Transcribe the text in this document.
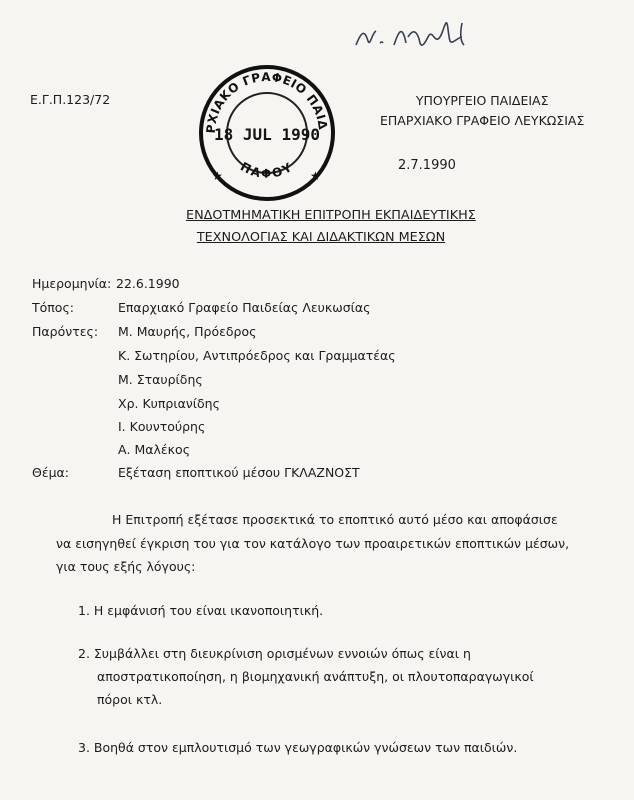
Ε.Γ.Π.123/72
ΡΧΙΑΚΟ ΓΡΑΦΕΙΟ ΠΑΙΔ
ΠΑΦΟΥ
★	★
18 JUL 1990
ΥΠΟΥΡΓΕΙΟ ΠΑΙΔΕΙΑΣ
ΕΠΑΡΧΙΑΚΟ ΓΡΑΦΕΙΟ ΛΕΥΚΩΣΙΑΣ
2.7.1990
ΕΝΔΟΤΜΗΜΑΤΙΚΗ ΕΠΙΤΡΟΠΗ ΕΚΠΑΙΔΕΥΤΙΚΗΣ
ΤΕΧΝΟΛΟΓΙΑΣ ΚΑΙ ΔΙΔΑΚΤΙΚΩΝ ΜΕΣΩΝ
Ημερομηνία: 22.6.1990
Τόπος:	Επαρχιακό Γραφείο Παιδείας Λευκωσίας
Παρόντες: Μ. Μαυρής, Πρόεδρος
Κ. Σωτηρίου, Αντιπρόεδρος και Γραμματέας
Μ. Σταυρίδης
Χρ. Κυπριανίδης
Ι. Κουντούρης
Α. Μαλέκος
Θέμα:	Εξέταση εποπτικού μέσου ΓΚΛΑΖΝΟΣΤ
Η Επιτροπή εξέτασε προσεκτικά το εποπτικό αυτό μέσο και αποφάσισε
να εισηγηθεί έγκριση του για τον κατάλογο των προαιρετικών εποπτικών μέσων,
για τους εξής λόγους:
1. Η εμφάνισή του είναι ικανοποιητική.
2. Συμβάλλει στη διευκρίνιση ορισμένων εννοιών όπως είναι η
αποστρατικοποίηση, η βιομηχανική ανάπτυξη, οι πλουτοπαραγωγικοί
πόροι κτλ.
3. Βοηθά στον εμπλουτισμό των γεωγραφικών γνώσεων των παιδιών.
